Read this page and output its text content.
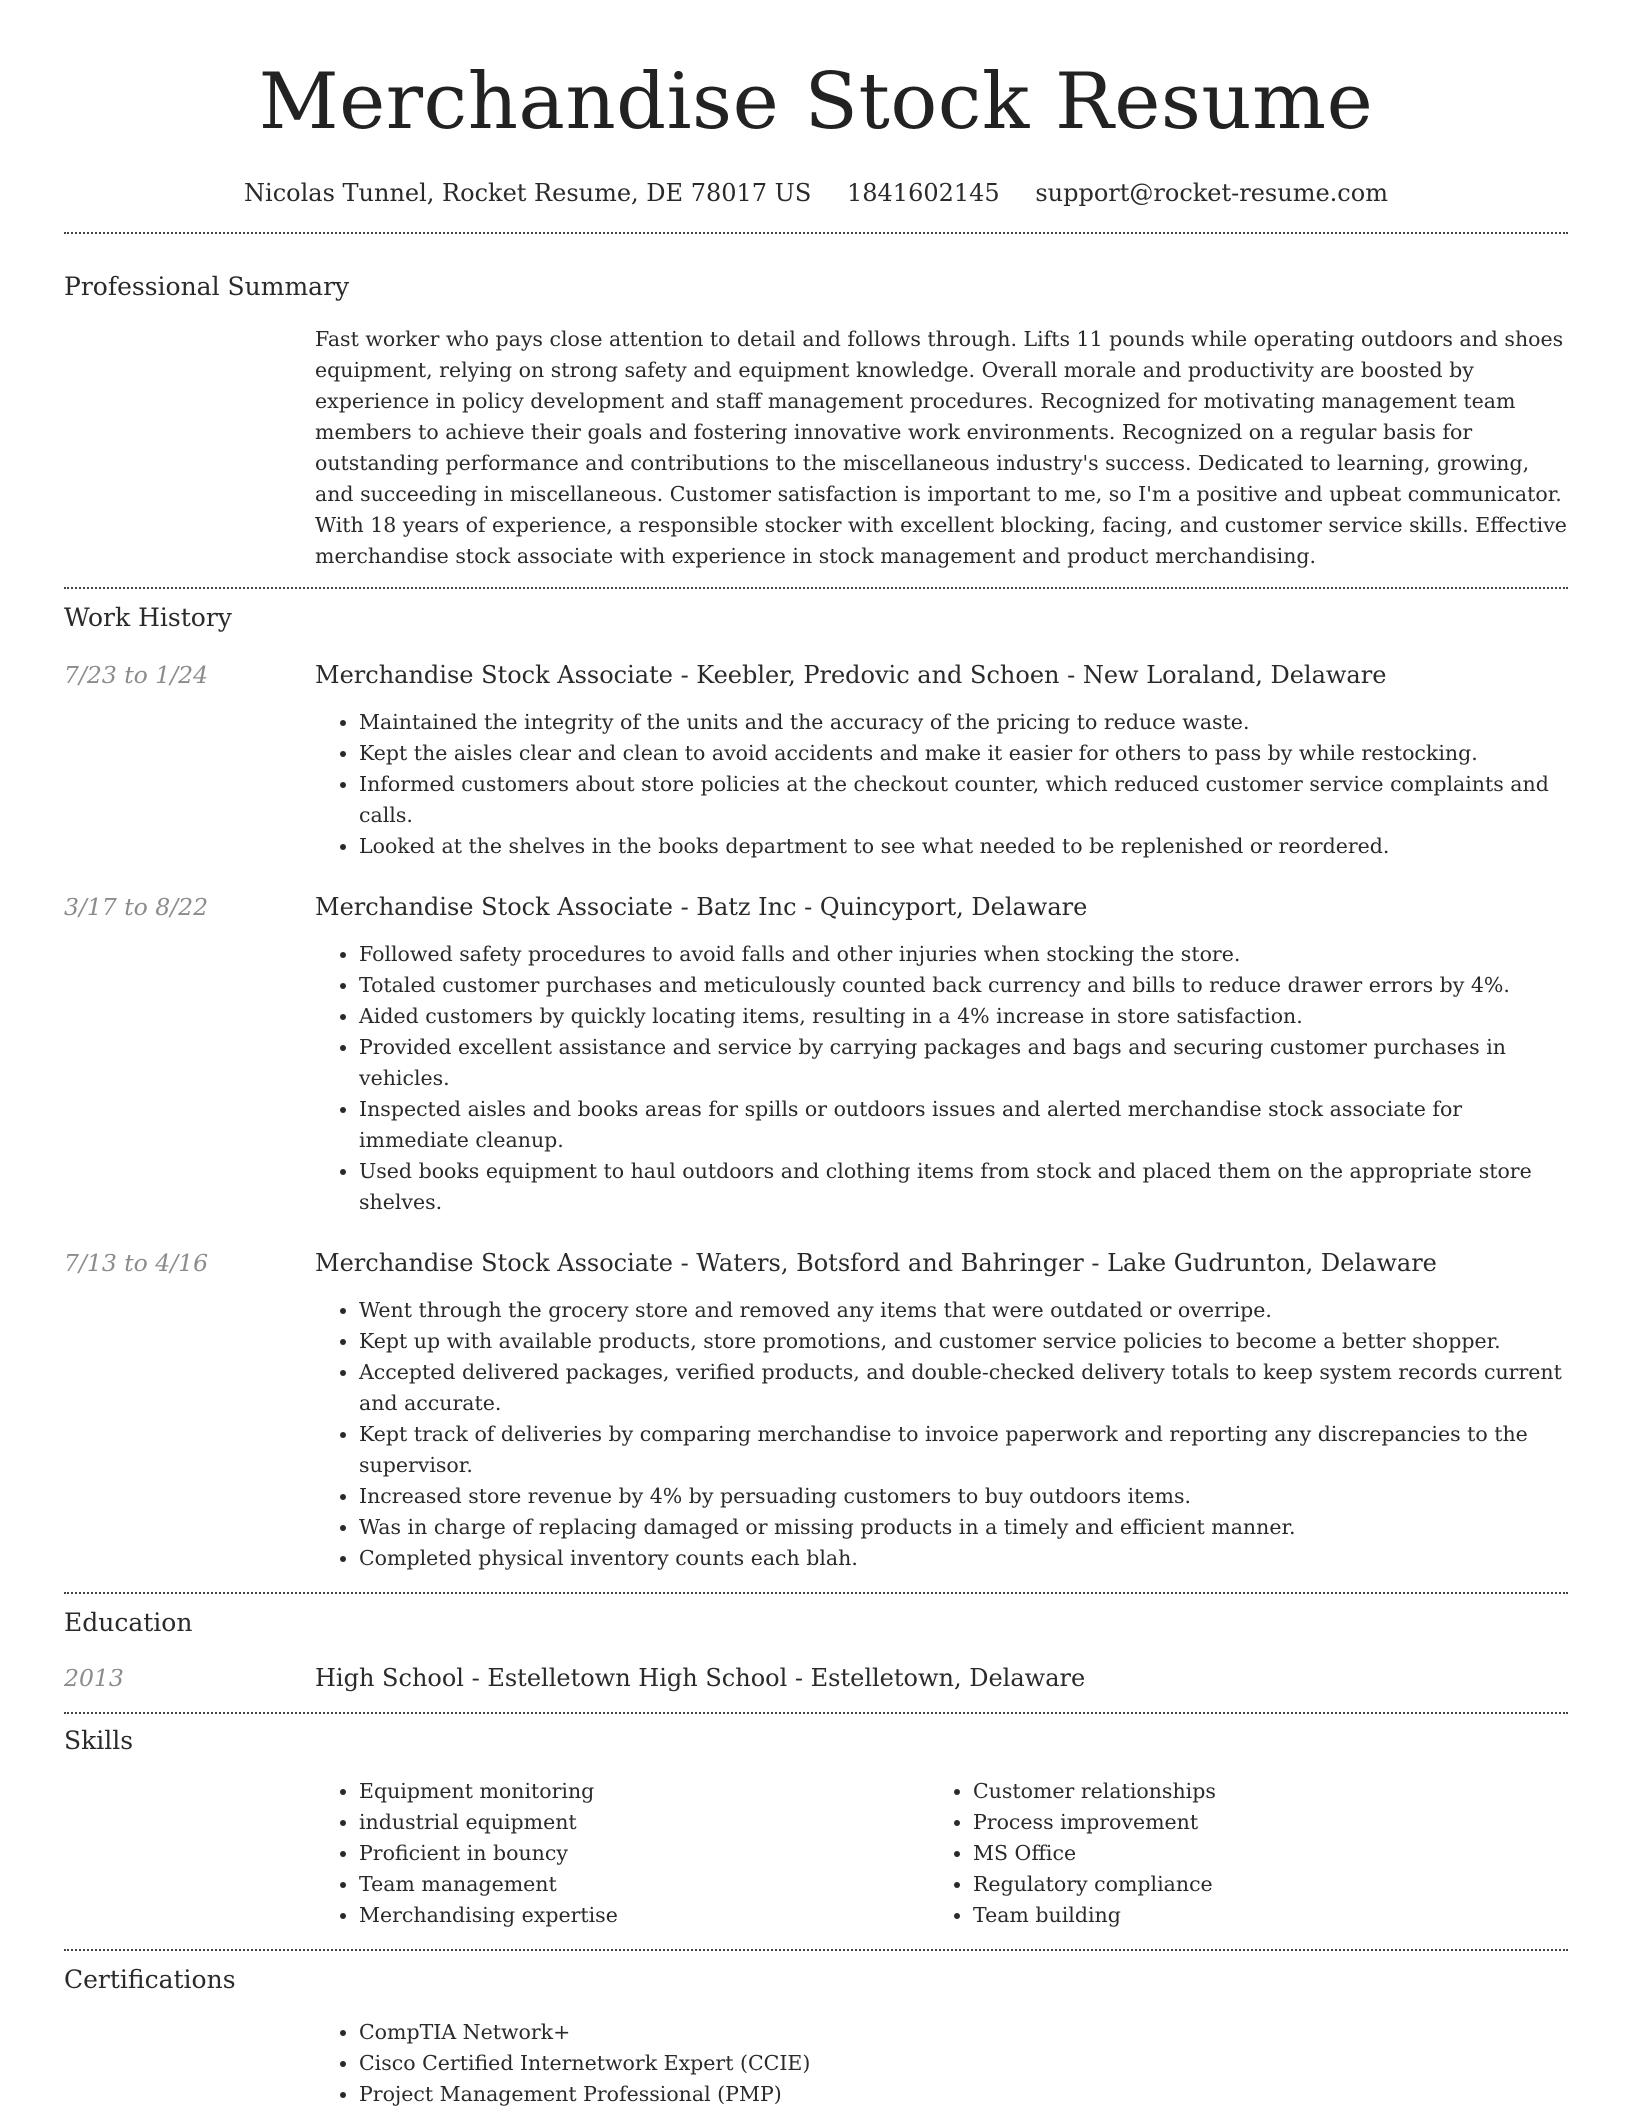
Merchandise Stock Resume
Nicolas Tunnel, Rocket Resume, DE 78017 US 1841602145 support@rocket-resume.com
Professional Summary

Fast worker who pays close attention to detail and follows through. Lifts 11 pounds while operating outdoors and shoes equipment, relying on strong safety and equipment knowledge. Overall morale and productivity are boosted by experience in policy development and staff management procedures. Recognized for motivating management team members to achieve their goals and fostering innovative work environments. Recognized on a regular basis for outstanding performance and contributions to the miscellaneous industry's success. Dedicated to learning, growing, and succeeding in miscellaneous. Customer satisfaction is important to me, so I'm a positive and upbeat communicator. With 18 years of experience, a responsible stocker with excellent blocking, facing, and customer service skills. Effective merchandise stock associate with experience in stock management and product merchandising.

Work History
7/23 to 1/24	Merchandise Stock Associate - Keebler, Predovic and Schoen - New Loraland, Delaware
• Maintained the integrity of the units and the accuracy of the pricing to reduce waste.
• Kept the aisles clear and clean to avoid accidents and make it easier for others to pass by while restocking.
• Informed customers about store policies at the checkout counter, which reduced customer service complaints and calls.
• Looked at the shelves in the books department to see what needed to be replenished or reordered.
3/17 to 8/22	Merchandise Stock Associate - Batz Inc - Quincyport, Delaware
• Followed safety procedures to avoid falls and other injuries when stocking the store.
• Totaled customer purchases and meticulously counted back currency and bills to reduce drawer errors by 4%.
• Aided customers by quickly locating items, resulting in a 4% increase in store satisfaction.
• Provided excellent assistance and service by carrying packages and bags and securing customer purchases in vehicles.
• Inspected aisles and books areas for spills or outdoors issues and alerted merchandise stock associate for immediate cleanup.
• Used books equipment to haul outdoors and clothing items from stock and placed them on the appropriate store shelves.
7/13 to 4/16	Merchandise Stock Associate - Waters, Botsford and Bahringer - Lake Gudrunton, Delaware
• Went through the grocery store and removed any items that were outdated or overripe.
• Kept up with available products, store promotions, and customer service policies to become a better shopper.
• Accepted delivered packages, verified products, and double-checked delivery totals to keep system records current and accurate.
• Kept track of deliveries by comparing merchandise to invoice paperwork and reporting any discrepancies to the supervisor.
• Increased store revenue by 4% by persuading customers to buy outdoors items.
• Was in charge of replacing damaged or missing products in a timely and efficient manner.
• Completed physical inventory counts each blah.
Education
2013	High School - Estelletown High School - Estelletown, Delaware
Skills
• Equipment monitoring
• industrial equipment
• Proficient in bouncy
• Team management
• Merchandising expertise
• Customer relationships
• Process improvement
• MS Office
• Regulatory compliance
• Team building
Certifications
• CompTIA Network+
• Cisco Certified Internetwork Expert (CCIE)
• Project Management Professional (PMP)
